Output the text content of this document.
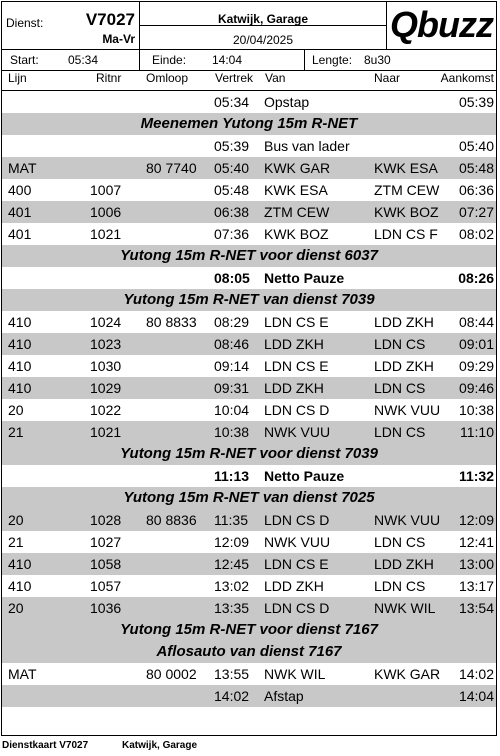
Dienst: V7027
Ma-Vr
Katwijk, Garage
20/04/2025	Qbuzz
Start: 05:34	Einde: 14:04	Lengte: 8u30
Lijn	Ritnr Omloop Vertrek Van	Naar	Aankomst
05:34 Opstap	05:39
Meenemen Yutong 15m R-NET
05:39 Bus van lader	05:40
MAT	80 7740 05:40 KWK GAR	KWK ESA 05:48
400	1007	05:48 KWK ESA	ZTM CEW 06:36
401	1006	06:38 ZTM CEW	KWK BOZ 07:27
401	1021	07:36 KWK BOZ	LDN CS F 08:02
Yutong 15m R-NET voor dienst 6037
08:05 Netto Pauze	08:26
Yutong 15m R-NET van dienst 7039
410	1024 80 8833 08:29 LDN CS E	LDD ZKH 08:44
410	1023	08:46 LDD ZKH	LDN CS 09:01
410	1030	09:14 LDN CS E	LDD ZKH 09:29
410	1029	09:31 LDD ZKH	LDN CS 09:46
20	1022	10:04 LDN CS D	NWK VUU 10:38
21	1021	10:38 NWK VUU	LDN CS 11:10
Yutong 15m R-NET voor dienst 7039
11:13 Netto Pauze	11:32
Yutong 15m R-NET van dienst 7025
20	1028 80 8836 11:35 LDN CS D	NWK VUU 12:09
21	1027	12:09 NWK VUU	LDN CS 12:41
410	1058	12:45 LDN CS E	LDD ZKH 13:00
410	1057	13:02 LDD ZKH	LDN CS 13:17
20	1036	13:35 LDN CS D	NWK WIL 13:54
Yutong 15m R-NET voor dienst 7167
Aflosauto van dienst 7167
MAT	80 0002 13:55 NWK WIL	KWK GAR 14:02
14:02 Afstap	14:04
Dienstkaart V7027	Katwijk, Garage
